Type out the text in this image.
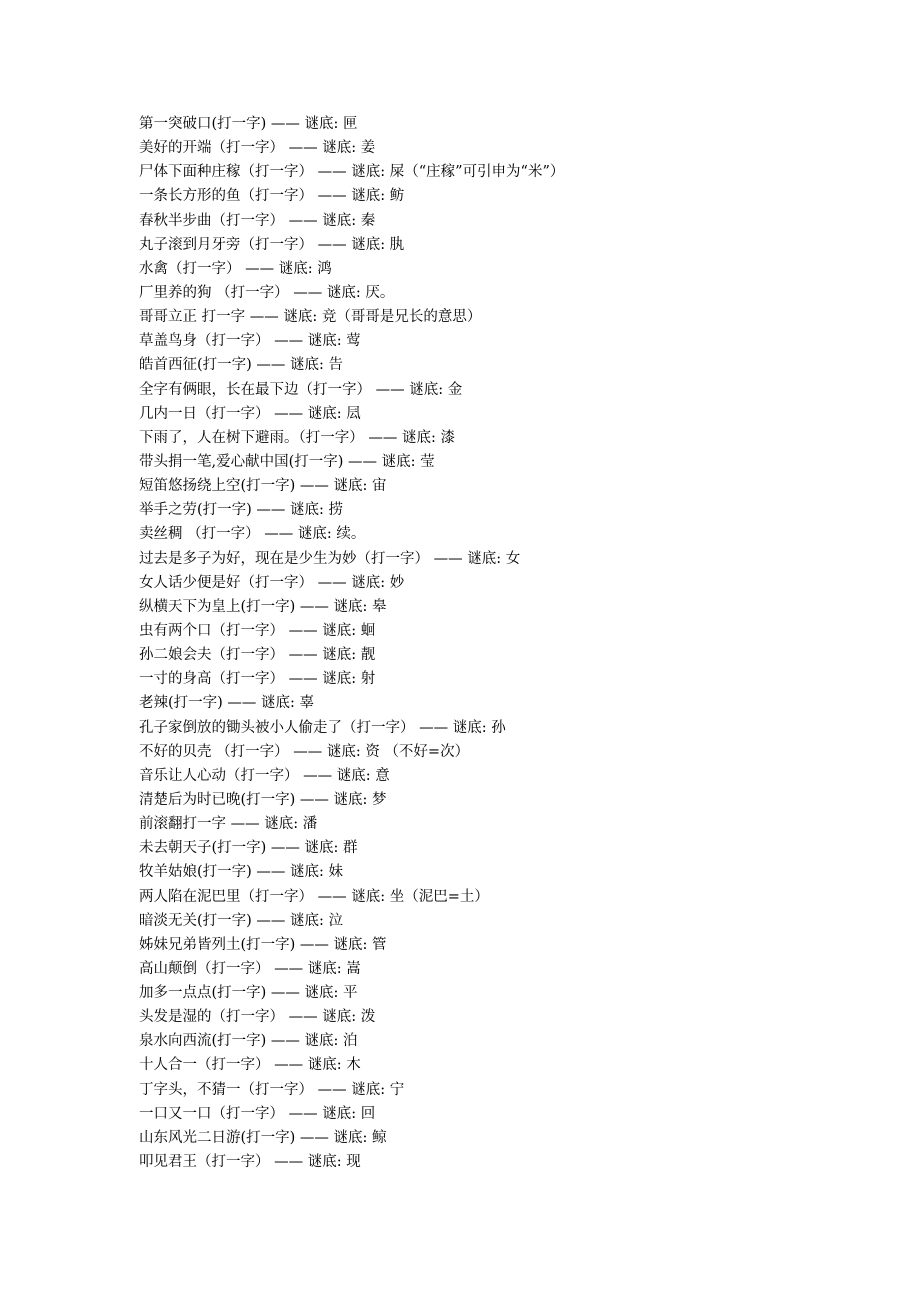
第一突破口(打一字) —— 谜底: 匣
美好的开端（打一字） —— 谜底: 姜
尸体下面种庄稼（打一字） —— 谜底: 屎（“庄稼”可引申为“米”）
一条长方形的鱼（打一字） —— 谜底: 鲂
春秋半步曲（打一字） —— 谜底: 秦
丸子滚到月牙旁（打一字） —— 谜底: 肒
水禽（打一字） —— 谜底: 鸿
厂里养的狗 （打一字） —— 谜底: 厌。
哥哥立正 打一字 —— 谜底: 竞（哥哥是兄长的意思）
草盖鸟身（打一字） —— 谜底: 莺
皓首西征(打一字) —— 谜底: 告
全字有俩眼，长在最下边（打一字） —— 谜底: 金
几内一日（打一字） —— 谜底: 凨
下雨了，人在树下避雨。（打一字） —— 谜底: 漆
带头捐一笔,爱心献中国(打一字) —— 谜底: 莹
短笛悠扬绕上空(打一字) —— 谜底: 宙
举手之劳(打一字) —— 谜底: 捞
卖丝稠 （打一字） —— 谜底: 续。
过去是多子为好，现在是少生为妙（打一字） —— 谜底: 女
女人话少便是好（打一字） —— 谜底: 妙
纵横天下为皇上(打一字) —— 谜底: 皋
虫有两个口（打一字） —— 谜底: 蛔
孙二娘会夫（打一字） —— 谜底: 靓
一寸的身高（打一字） —— 谜底: 射
老辣(打一字) —— 谜底: 辜
孔子家倒放的锄头被小人偷走了（打一字） —— 谜底: 孙
不好的贝壳 （打一字） —— 谜底: 资 （不好=次）
音乐让人心动（打一字） —— 谜底: 意
清楚后为时已晚(打一字) —— 谜底: 梦
前滚翻打一字 —— 谜底: 潘
未去朝天子(打一字) —— 谜底: 群
牧羊姑娘(打一字) —— 谜底: 妹
两人陷在泥巴里（打一字） —— 谜底: 坐（泥巴=土）
暗淡无关(打一字) —— 谜底: 泣
姊妹兄弟皆列土(打一字) —— 谜底: 管
高山颠倒（打一字） —— 谜底: 嵩
加多一点点(打一字) —— 谜底: 平
头发是湿的（打一字） —— 谜底: 泼
泉水向西流(打一字) —— 谜底: 泊
十人合一（打一字） —— 谜底: 木
丁字头，不猜一（打一字） —— 谜底: 宁
一口又一口（打一字） —— 谜底: 回
山东风光二日游(打一字) —— 谜底: 鲸
叩见君王（打一字） —— 谜底: 现
